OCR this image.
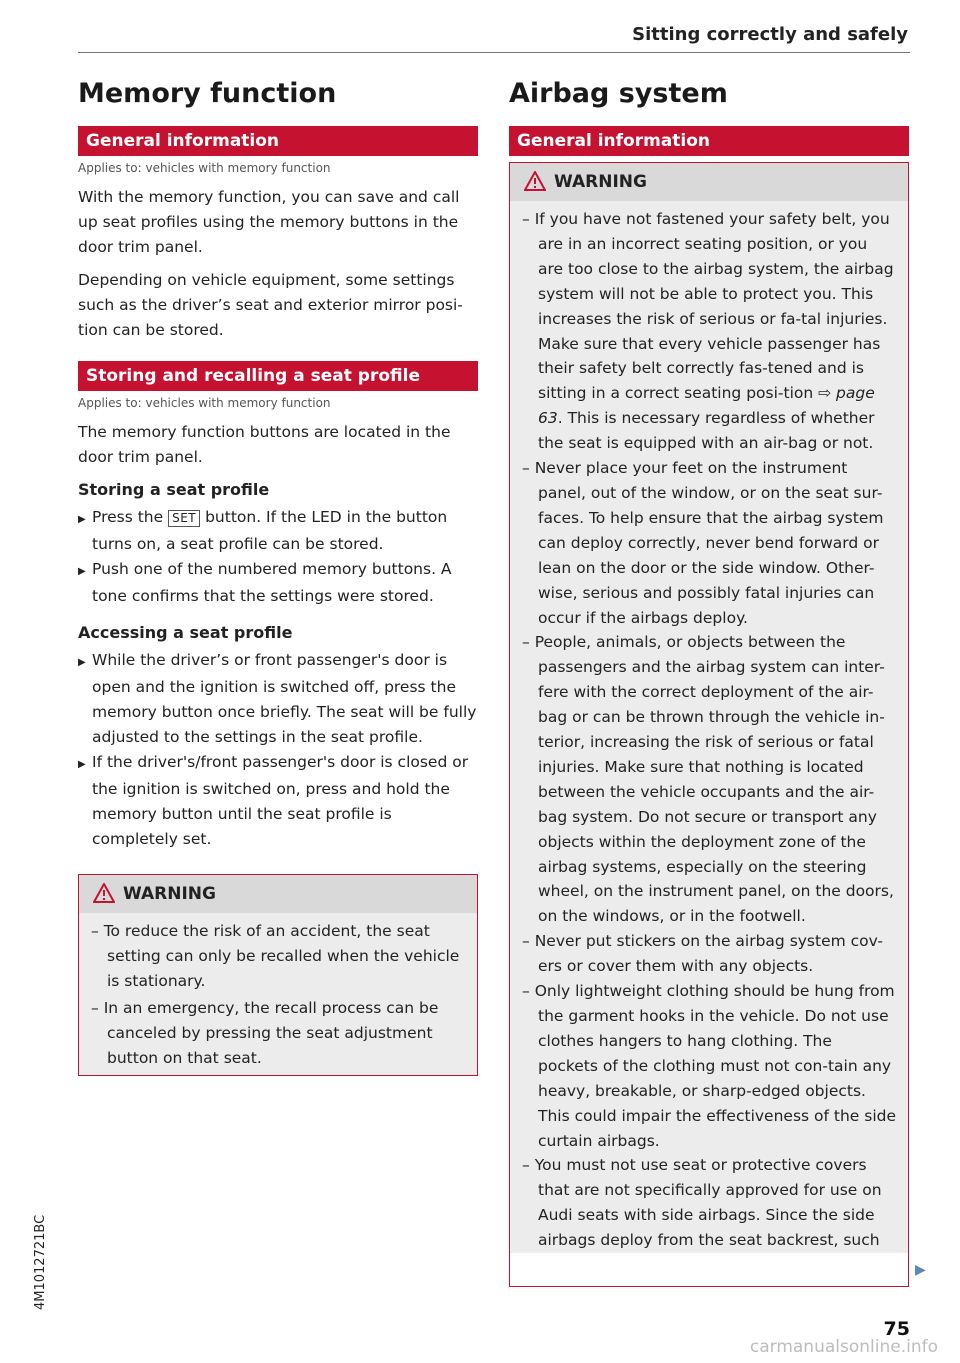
Sitting correctly and safely
4M1012721BC
Memory function
General information
Applies to: vehicles with memory function

With the memory function, you can save and call up seat profiles using the memory buttons in the door trim panel.

Depending on vehicle equipment, some settings such as the driver’s seat and exterior mirror posi-tion can be stored.

Storing and recalling a seat profile
Applies to: vehicles with memory function

The memory function buttons are located in the door trim panel.

Storing a seat profile
▶ Press the SET button. If the LED in the button turns on, a seat profile can be stored.
▶ Push one of the numbered memory buttons. A tone confirms that the settings were stored.
Accessing a seat profile
▶ While the driver’s or front passenger's door is open and the ignition is switched off, press the memory button once briefly. The seat will be fully adjusted to the settings in the seat profile.
▶ If the driver's/front passenger's door is closed or the ignition is switched on, press and hold the memory button until the seat profile is completely set.
WARNING
– To reduce the risk of an accident, the seat setting can only be recalled when the vehicle is stationary.
– In an emergency, the recall process can be canceled by pressing the seat adjustment button on that seat.
Airbag system
General information
WARNING
– If you have not fastened your safety belt, you are in an incorrect seating position, or you are too close to the airbag system, the airbag system will not be able to protect you. This increases the risk of serious or fa-tal injuries. Make sure that every vehicle passenger has their safety belt correctly fas-tened and is sitting in a correct seating posi-tion ⇨ page 63. This is necessary regardless of whether the seat is equipped with an air-bag or not.
– Never place your feet on the instrument panel, out of the window, or on the seat sur-faces. To help ensure that the airbag system can deploy correctly, never bend forward or lean on the door or the side window. Other-wise, serious and possibly fatal injuries can occur if the airbags deploy.
– People, animals, or objects between the passengers and the airbag system can inter-fere with the correct deployment of the air-bag or can be thrown through the vehicle in-terior, increasing the risk of serious or fatal injuries. Make sure that nothing is located between the vehicle occupants and the air-bag system. Do not secure or transport any objects within the deployment zone of the airbag systems, especially on the steering wheel, on the instrument panel, on the doors, on the windows, or in the footwell.
– Never put stickers on the airbag system cov-ers or cover them with any objects.
– Only lightweight clothing should be hung from the garment hooks in the vehicle. Do not use clothes hangers to hang clothing. The pockets of the clothing must not con-tain any heavy, breakable, or sharp-edged objects. This could impair the effectiveness of the side curtain airbags.
– You must not use seat or protective covers that are not specifically approved for use on Audi seats with side airbags. Since the side airbags deploy from the seat backrest, such
▶
75
carmanualsonline.info
